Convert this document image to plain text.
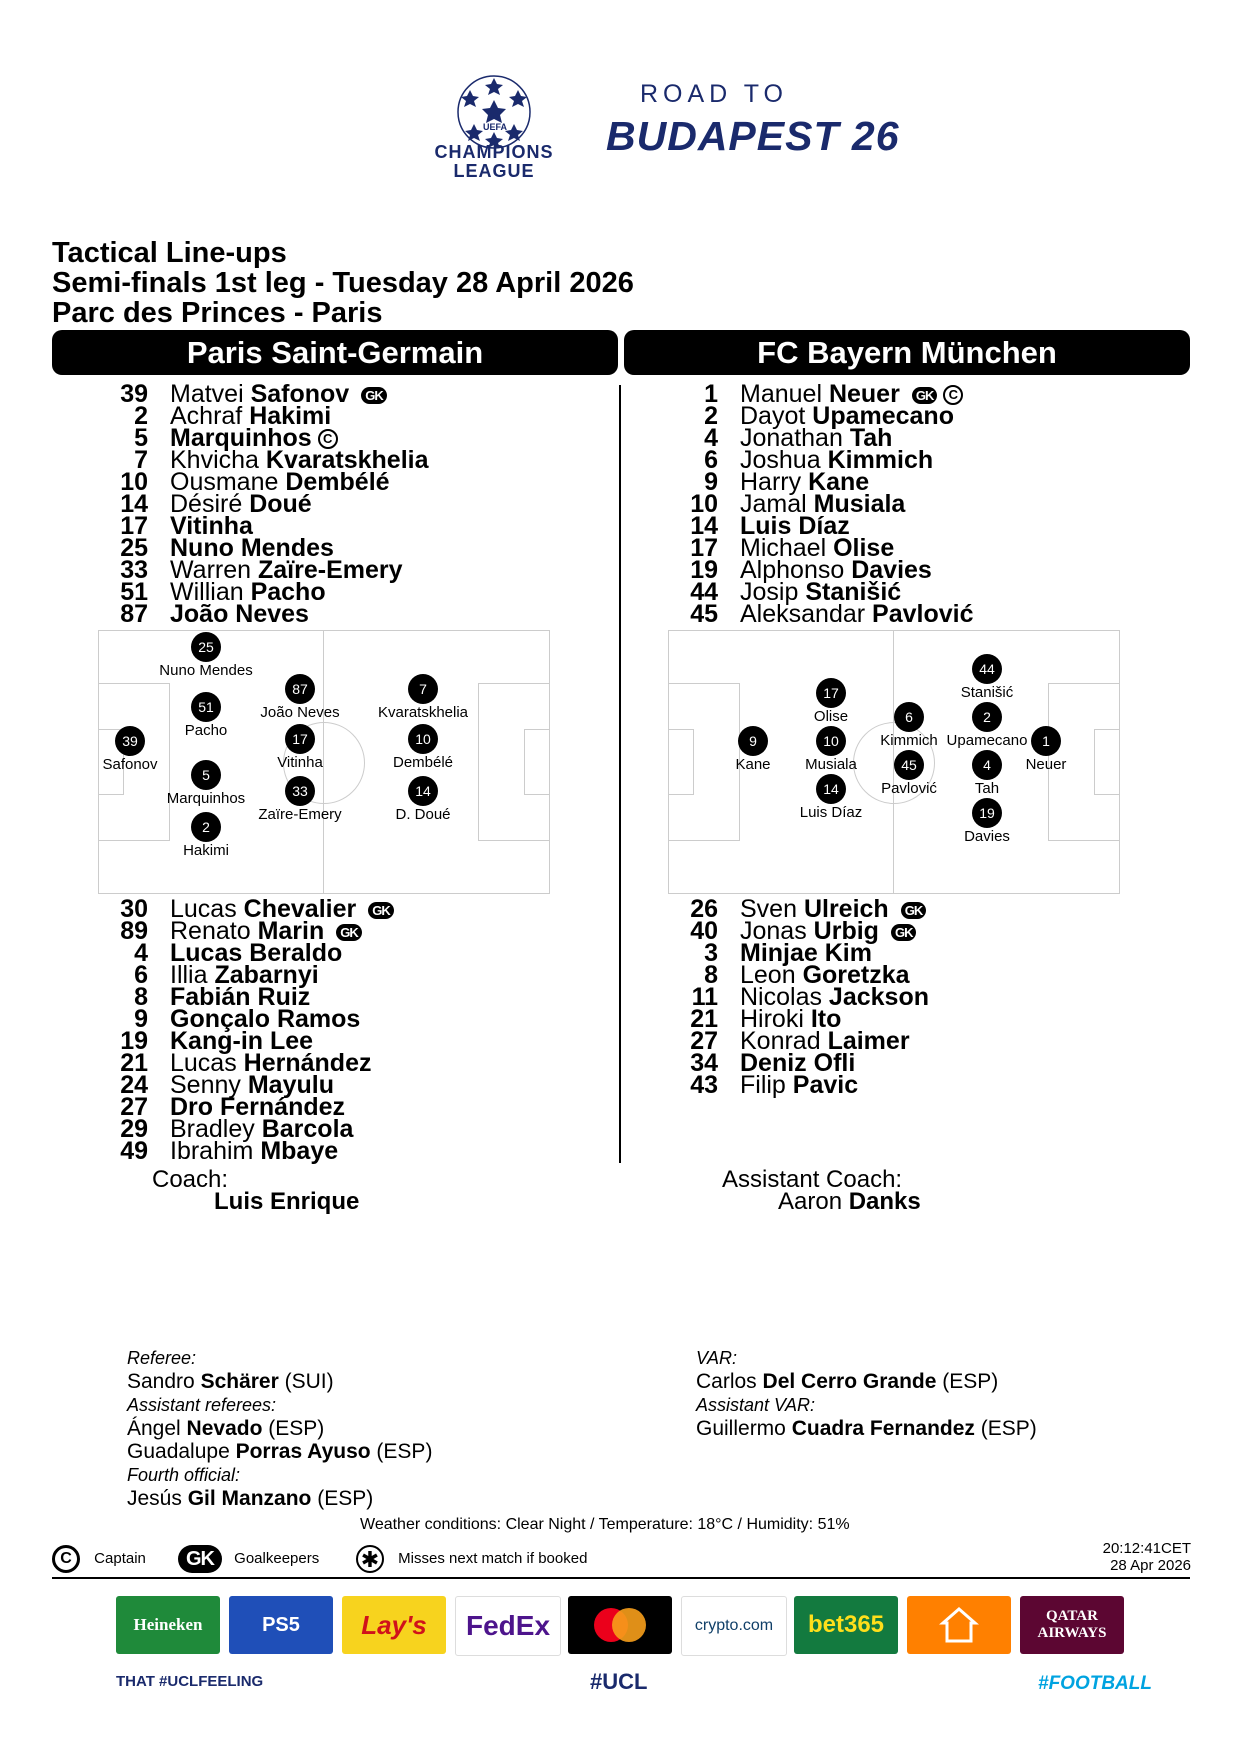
UEFA
CHAMPIONS
LEAGUE
ROAD TO
BUDAPEST 26
Tactical Line-ups
Semi-finals 1st leg - Tuesday 28 April 2026
Parc des Princes - Paris
Paris Saint-Germain	FC Bayern München
39 Matvei Safonov GK
2 Achraf Hakimi
5 Marquinhos C
7 Khvicha Kvaratskhelia
10 Ousmane Dembélé
14 Désiré Doué
17 Vitinha
25 Nuno Mendes
33 Warren Zaïre-Emery
51 Willian Pacho
87 João Neves
1 Manuel Neuer GK C
2 Dayot Upamecano
4 Jonathan Tah
6 Joshua Kimmich
9 Harry Kane
10 Jamal Musiala
14 Luis Díaz
17 Michael Olise
19 Alphonso Davies
44 Josip Stanišić
45 Aleksandar Pavlović
30 Lucas Chevalier GK
89 Renato Marin GK
4 Lucas Beraldo
6 Illia Zabarnyi
8 Fabián Ruiz
9 Gonçalo Ramos
19 Kang-in Lee
21 Lucas Hernández
24 Senny Mayulu
27 Dro Fernández
29 Bradley Barcola
49 Ibrahim Mbaye
26 Sven Ulreich GK
40 Jonas Urbig GK
3 Minjae Kim
8 Leon Goretzka
11 Nicolas Jackson
21 Hiroki Ito
27 Konrad Laimer
34 Deniz Ofli
43 Filip Pavic
25
Nuno Mendes
87
João Neves
7
Kvaratskhelia
51
Pacho
39
Safonov
17
Vitinha
10
Dembélé
5
Marquinhos	33
Zaïre-Emery
14
D. Doué
2
Hakimi
44
Stanišić
17
Olise	6
Kimmich
2
Upamecano
9
Kane
10
Musiala
1
Neuer
45
Pavlović
4
Tah
14
Luis Díaz	19
Davies
Coach:
Luis Enrique
Assistant Coach:
Aaron Danks
Referee:
Sandro Schärer (SUI)
Assistant referees:
Ángel Nevado (ESP)
Guadalupe Porras Ayuso (ESP)
Fourth official:
Jesús Gil Manzano (ESP)
VAR:
Carlos Del Cerro Grande (ESP)
Assistant VAR:
Guillermo Cuadra Fernandez (ESP)
Weather conditions: Clear Night / Temperature: 18°C / Humidity: 51%
C Captain	GK Goalkeepers ✱ Misses next match if booked
20:12:41CET
28 Apr 2026
Heineken	PS5	Lay's	FedEx	crypto.com	bet365	QATAR AIRWAYS
THAT #UCLFEELING	#UCL	#FOOTBALL
